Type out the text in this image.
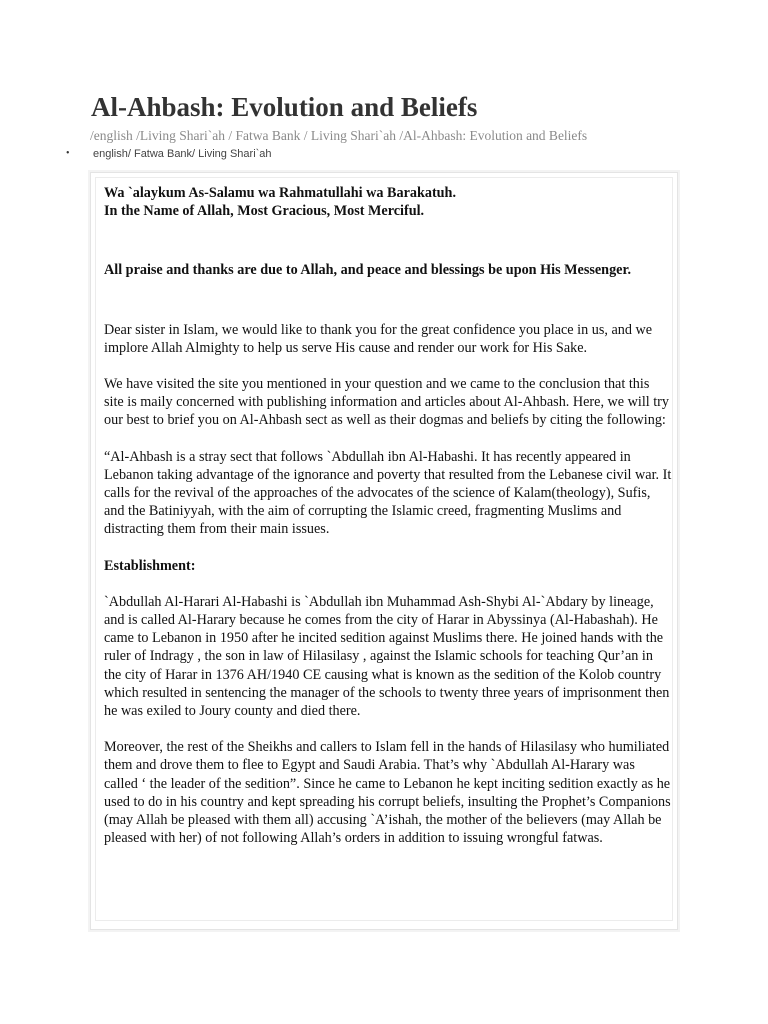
Al-Ahbash: Evolution and Beliefs
/english /Living Shari`ah / Fatwa Bank / Living Shari`ah /Al-Ahbash: Evolution and Beliefs
• english/ Fatwa Bank/ Living Shari`ah

Wa `alaykum As-Salamu wa Rahmatullahi wa Barakatuh.

In the Name of Allah, Most Gracious, Most Merciful.

All praise and thanks are due to Allah, and peace and blessings be upon His Messenger.

Dear sister in Islam, we would like to thank you for the great confidence you place in us, and we implore Allah Almighty to help us serve His cause and render our work for His Sake.

We have visited the site you mentioned in your question and we came to the conclusion that this site is maily concerned with publishing information and articles about Al-Ahbash. Here, we will try our best to brief you on Al-Ahbash sect as well as their dogmas and beliefs by citing the following:

“Al-Ahbash is a stray sect that follows `Abdullah ibn Al-Habashi. It has recently appeared in Lebanon taking advantage of the ignorance and poverty that resulted from the Lebanese civil war. It calls for the revival of the approaches of the advocates of the science of Kalam(theology), Sufis, and the Batiniyyah, with the aim of corrupting the Islamic creed, fragmenting Muslims and distracting them from their main issues.

Establishment:

`Abdullah Al-Harari Al-Habashi is `Abdullah ibn Muhammad Ash-Shybi Al-`Abdary by lineage, and is called Al-Harary because he comes from the city of Harar in Abyssinya (Al-Habashah). He came to Lebanon in 1950 after he incited sedition against Muslims there. He joined hands with the ruler of Indragy , the son in law of Hilasilasy , against the Islamic schools for teaching Qur’an in the city of Harar in 1376 AH/1940 CE causing what is known as the sedition of the Kolob country which resulted in sentencing the manager of the schools to twenty three years of imprisonment then he was exiled to Joury county and died there.

Moreover, the rest of the Sheikhs and callers to Islam fell in the hands of Hilasilasy who humiliated them and drove them to flee to Egypt and Saudi Arabia. That’s why `Abdullah Al-Harary was called ‘ the leader of the sedition”. Since he came to Lebanon he kept inciting sedition exactly as he used to do in his country and kept spreading his corrupt beliefs, insulting the Prophet’s Companions (may Allah be pleased with them all) accusing `A’ishah, the mother of the believers (may Allah be pleased with her) of not following Allah’s orders in addition to issuing wrongful fatwas.
